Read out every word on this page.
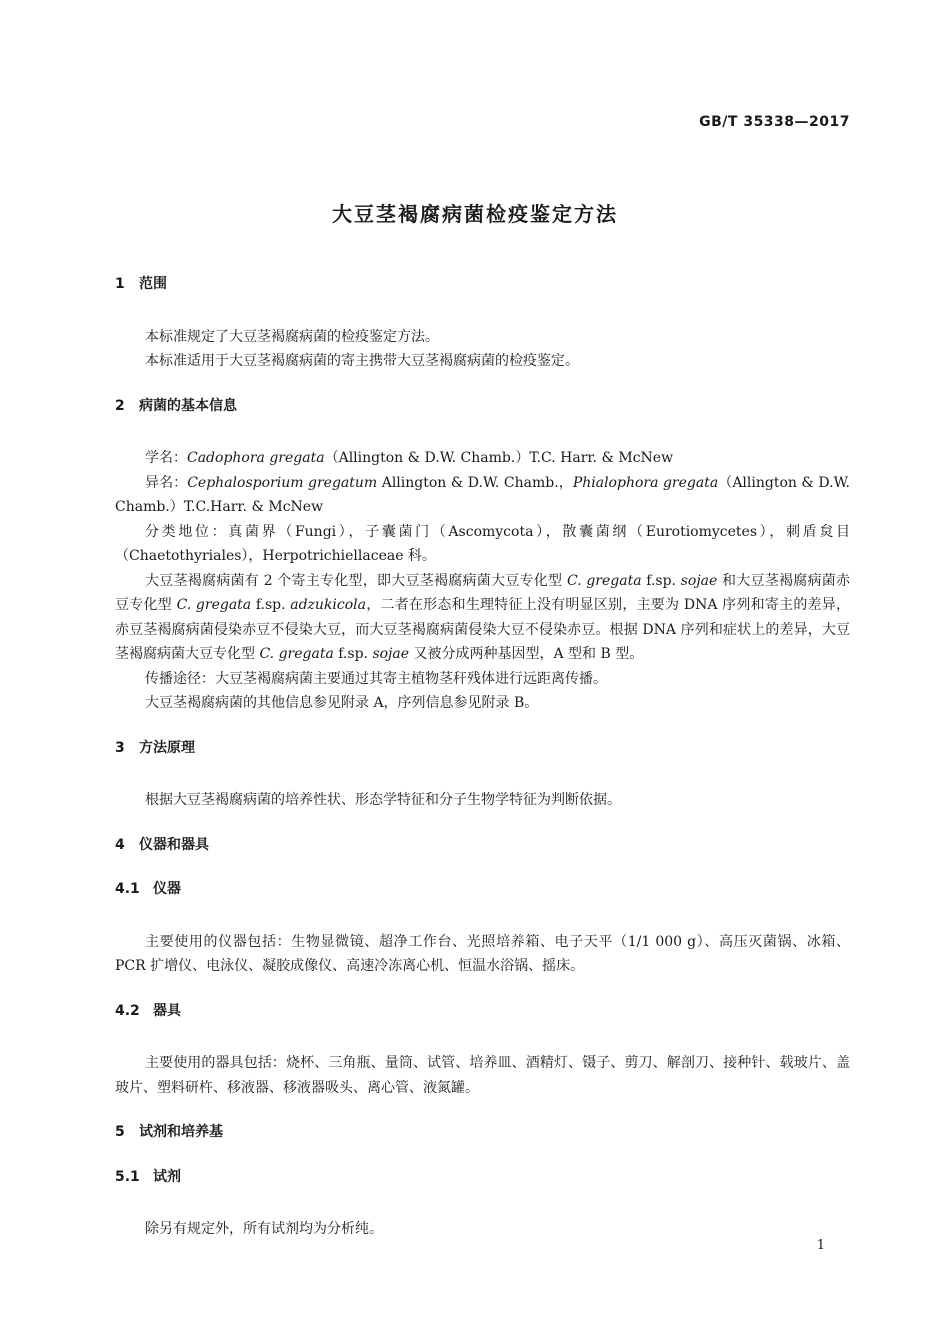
GB/T 35338—2017
大豆茎褐腐病菌检疫鉴定方法
1 范围

本标准规定了大豆茎褐腐病菌的检疫鉴定方法。

本标准适用于大豆茎褐腐病菌的寄主携带大豆茎褐腐病菌的检疫鉴定。

2 病菌的基本信息

学名：Cadophora gregata（Allington & D.W. Chamb.）T.C. Harr. & McNew

异名：Cephalosporium gregatum Allington & D.W. Chamb.，Phialophora gregata（Allington & D.W. Chamb.）T.C.Harr. & McNew

分类地位：真菌界（Fungi），子囊菌门（Ascomycota），散囊菌纲（Eurotiomycetes），刺盾炱目（Chaetothyriales），Herpotrichiellaceae 科。

大豆茎褐腐病菌有 2 个寄主专化型，即大豆茎褐腐病菌大豆专化型 C. gregata f.sp. sojae 和大豆茎褐腐病菌赤豆专化型 C. gregata f.sp. adzukicola，二者在形态和生理特征上没有明显区别，主要为 DNA 序列和寄主的差异，赤豆茎褐腐病菌侵染赤豆不侵染大豆，而大豆茎褐腐病菌侵染大豆不侵染赤豆。根据 DNA 序列和症状上的差异，大豆茎褐腐病菌大豆专化型 C. gregata f.sp. sojae 又被分成两种基因型，A 型和 B 型。

传播途径：大豆茎褐腐病菌主要通过其寄主植物茎秆残体进行远距离传播。

大豆茎褐腐病菌的其他信息参见附录 A，序列信息参见附录 B。

3 方法原理

根据大豆茎褐腐病菌的培养性状、形态学特征和分子生物学特征为判断依据。

4 仪器和器具
4.1 仪器

主要使用的仪器包括：生物显微镜、超净工作台、光照培养箱、电子天平（1/1 000 g）、高压灭菌锅、冰箱、PCR 扩增仪、电泳仪、凝胶成像仪、高速冷冻离心机、恒温水浴锅、摇床。

4.2 器具

主要使用的器具包括：烧杯、三角瓶、量筒、试管、培养皿、酒精灯、镊子、剪刀、解剖刀、接种针、载玻片、盖玻片、塑料研杵、移液器、移液器吸头、离心管、液氮罐。

5 试剂和培养基
5.1 试剂

除另有规定外，所有试剂均为分析纯。

1
